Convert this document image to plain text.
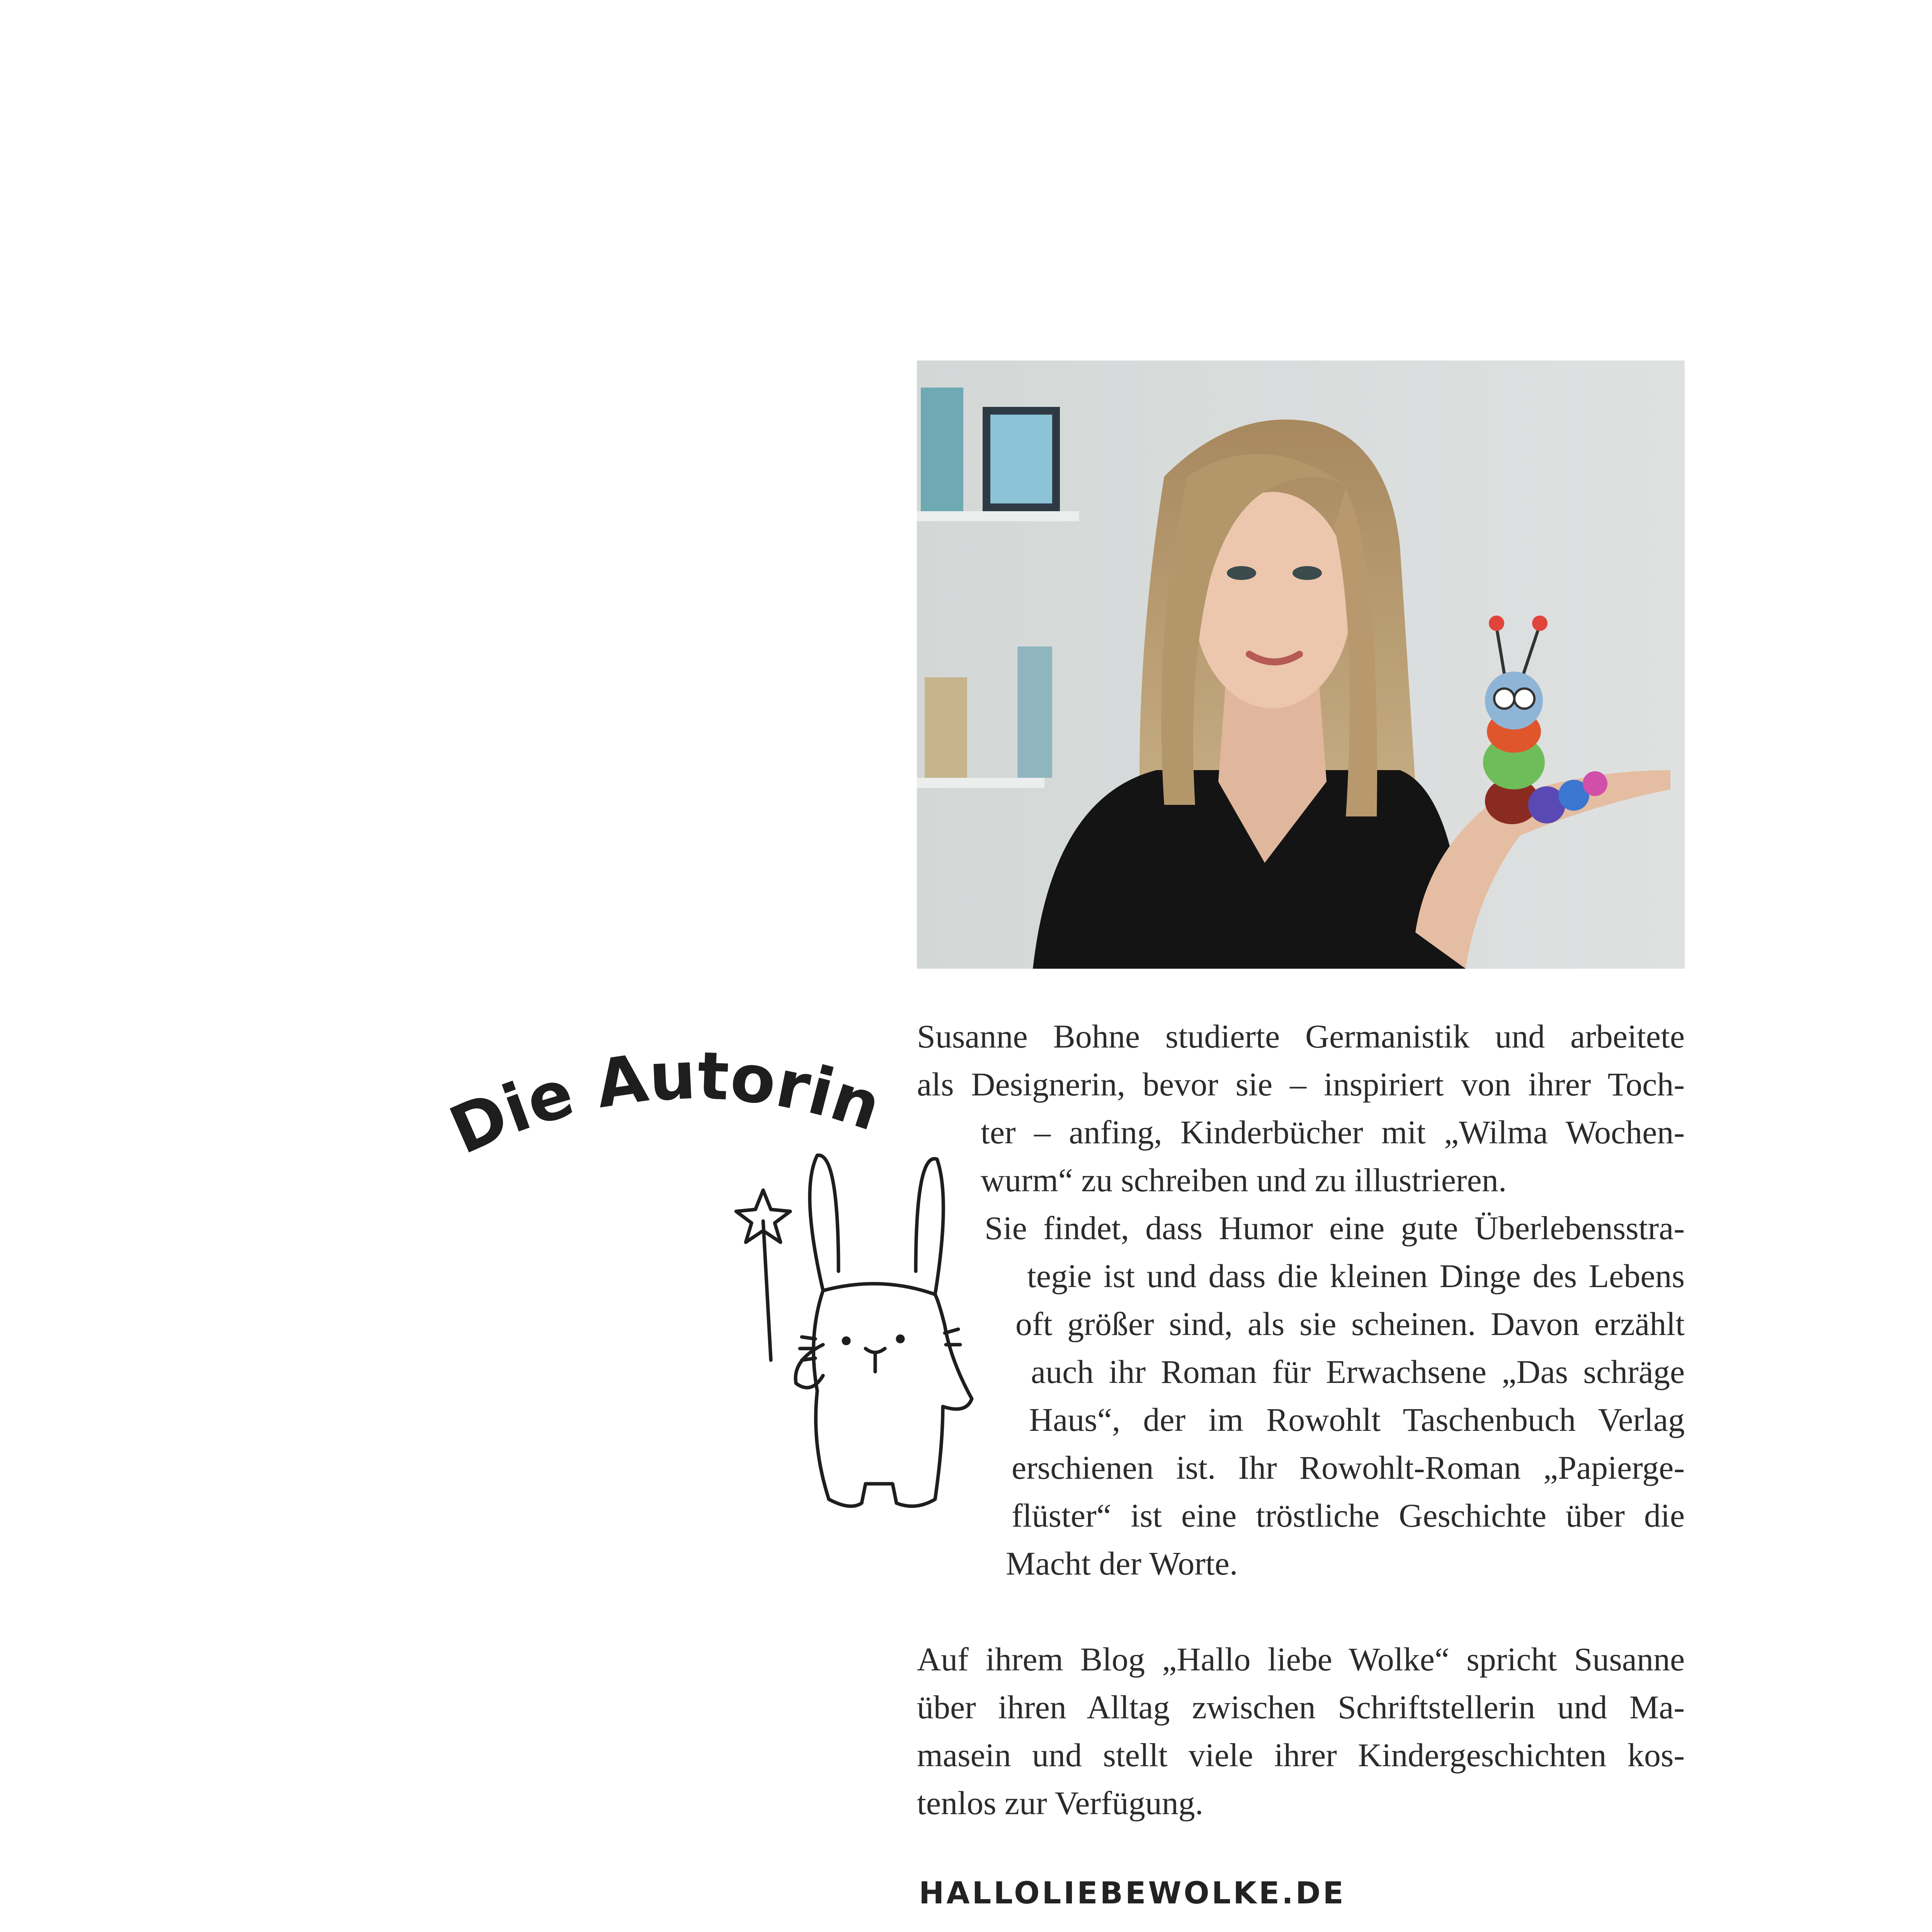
Die Autorin
Susanne Bohne studierte Germanistik und arbeitete
als Designerin, bevor sie – inspiriert von ihrer Toch-
ter – anfing, Kinderbücher mit „Wilma Wochen-
wurm“ zu schreiben und zu illustrieren.
Sie findet, dass Humor eine gute Überlebensstra-
tegie ist und dass die kleinen Dinge des Lebens
oft größer sind, als sie scheinen. Davon erzählt
auch ihr Roman für Erwachsene „Das schräge
Haus“, der im Rowohlt Taschenbuch Verlag
erschienen ist. Ihr Rowohlt-Roman „Papierge-
flüster“ ist eine tröstliche Geschichte über die
Macht der Worte.
Auf ihrem Blog „Hallo liebe Wolke“ spricht Susanne
über ihren Alltag zwischen Schriftstellerin und Ma-
masein und stellt viele ihrer Kindergeschichten kos-
tenlos zur Verfügung.
HALLOLIEBEWOLKE.DE
